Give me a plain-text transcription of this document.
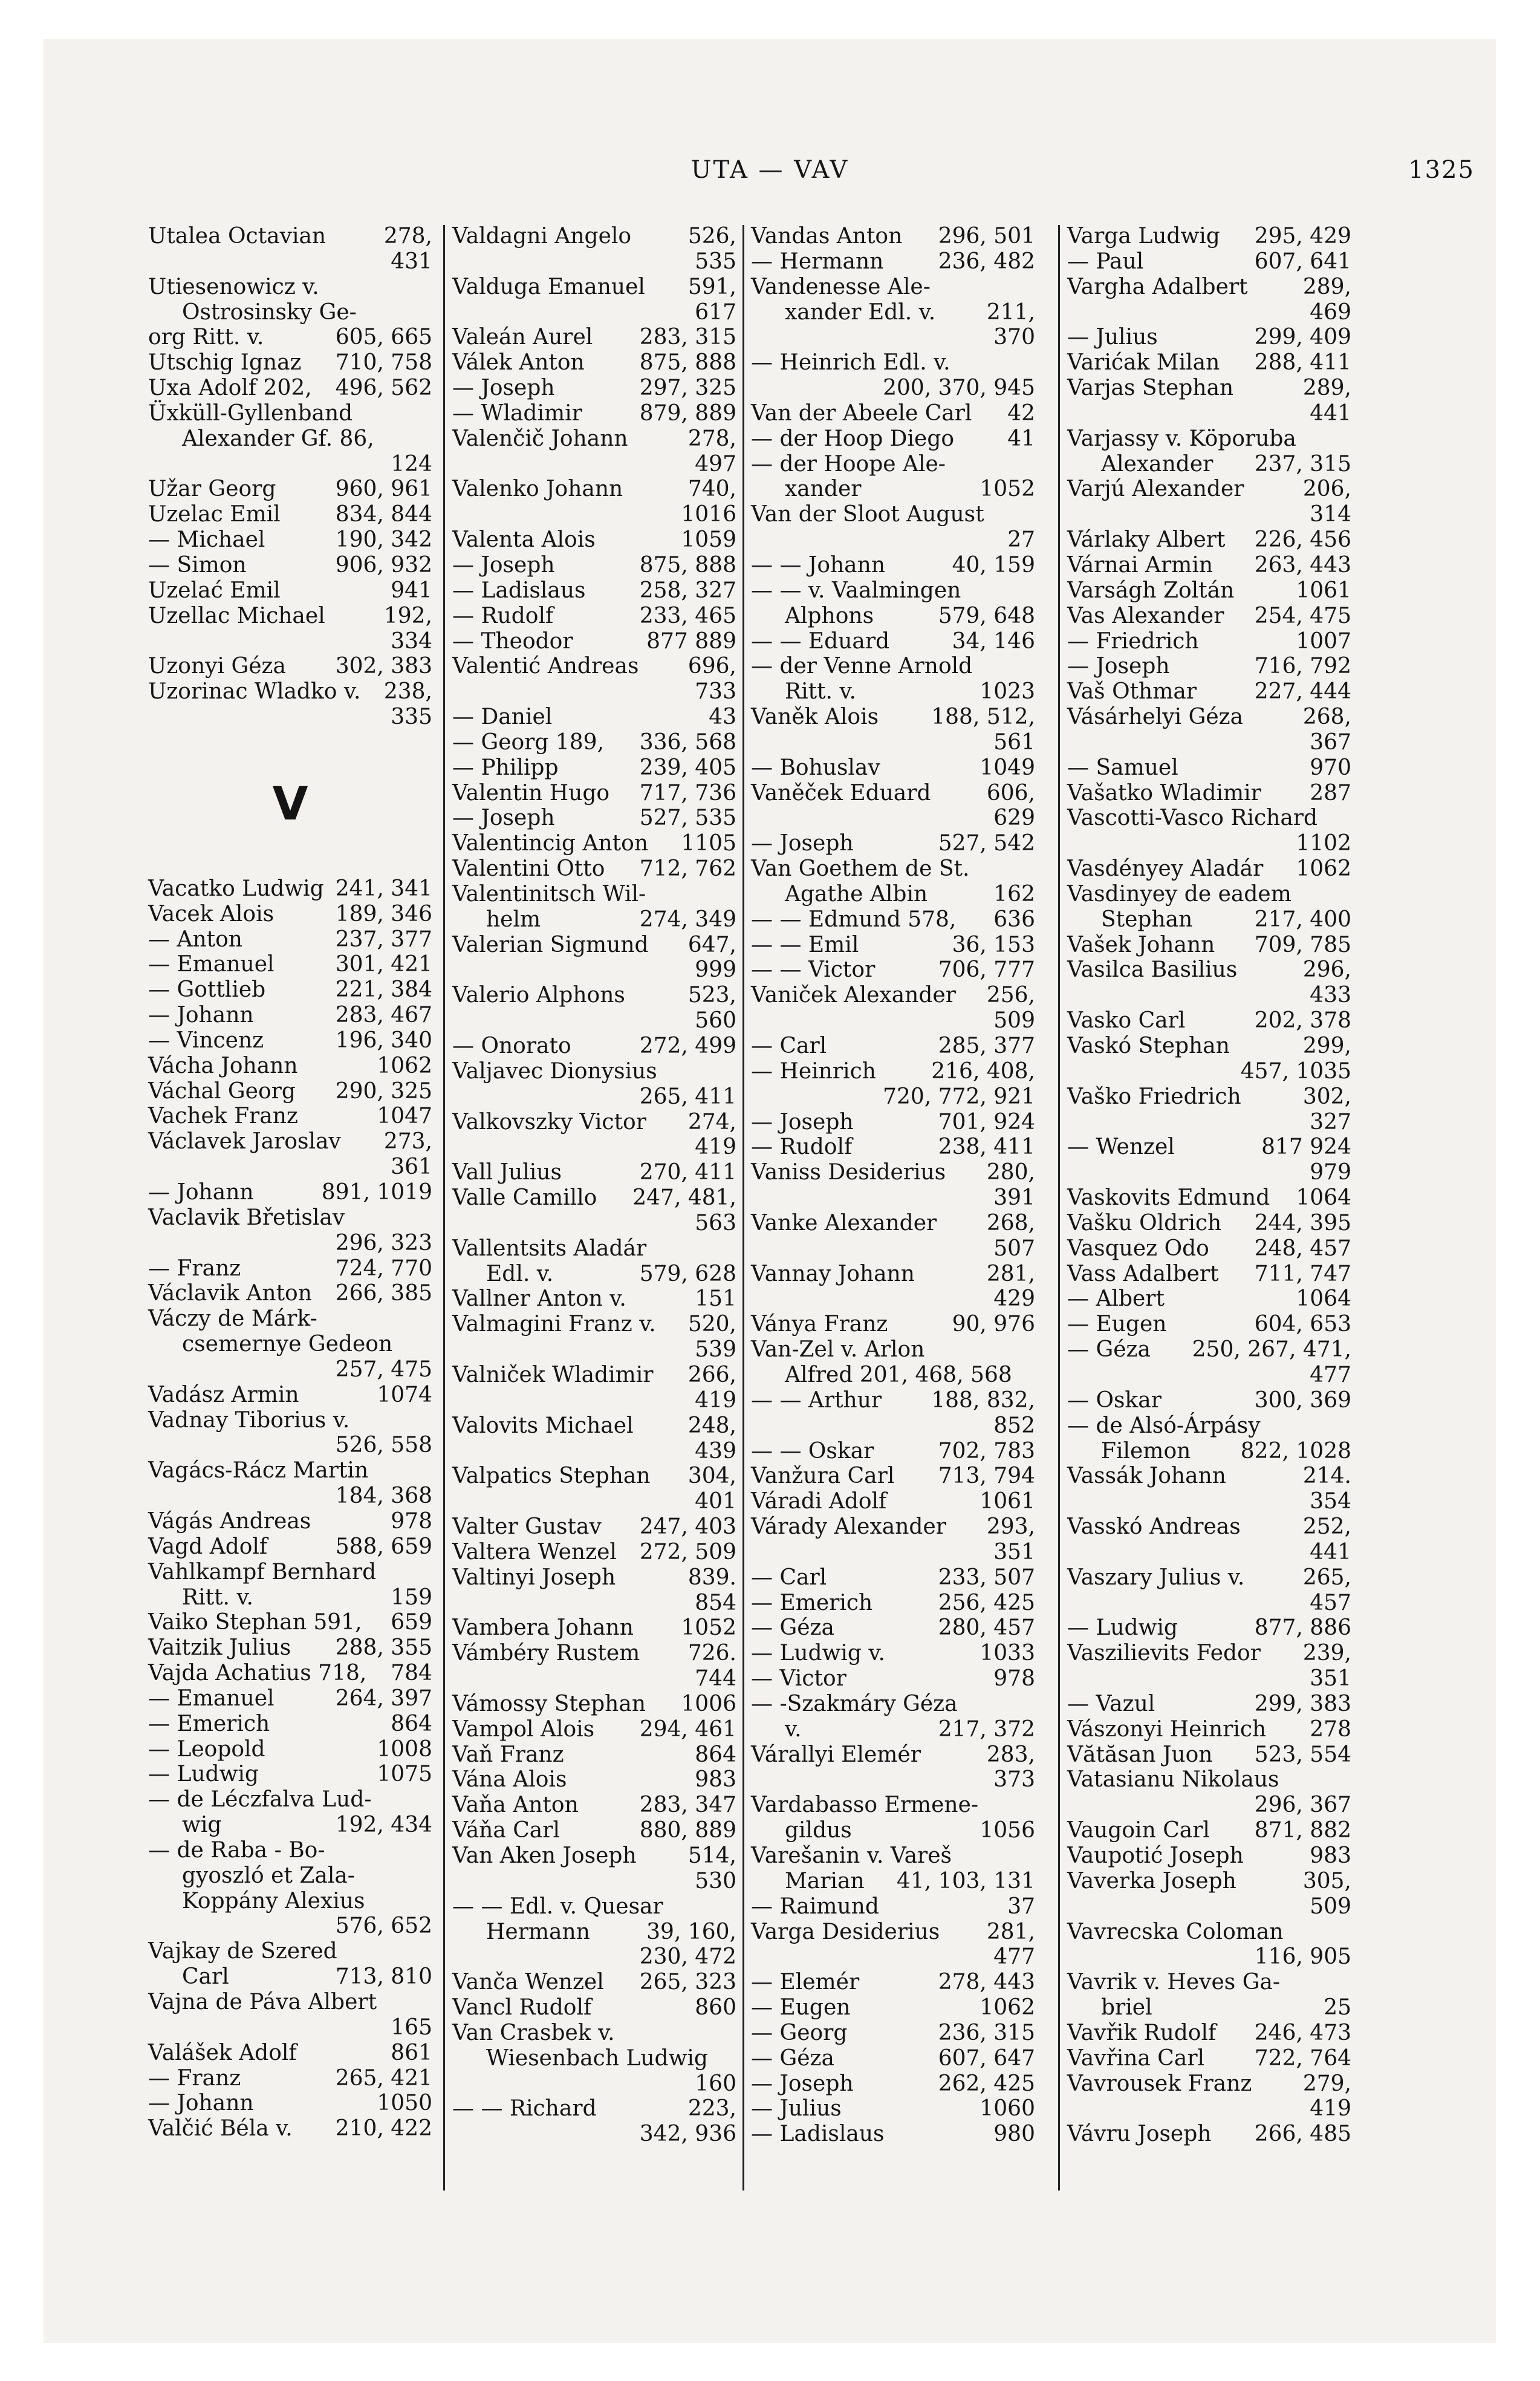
UTA — VAV	1325
Utalea Octavian	278,
431
Utiesenowicz v.
Ostrosinsky Ge-
org Ritt. v.	605, 665
Utschig Ignaz	710, 758
Uxa Adolf 202,	496, 562
Üxküll-Gyllenband
Alexander Gf. 86,
124
Užar Georg	960, 961
Uzelac Emil	834, 844
— Michael	190, 342
— Simon	906, 932
Uzelać Emil	941
Uzellac Michael	192,
334
Uzonyi Géza	302, 383
Uzorinac Wladko v.	238,
335
V
Vacatko Ludwig 241, 341
Vacek Alois	189, 346
— Anton	237, 377
— Emanuel	301, 421
— Gottlieb	221, 384
— Johann	283, 467
— Vincenz	196, 340
Vácha Johann	1062
Váchal Georg	290, 325
Vachek Franz	1047
Václavek Jaroslav	273,
361
— Johann	891, 1019
Vaclavik Břetislav
296, 323
— Franz	724, 770
Václavik Anton	266, 385
Váczy de Márk-
csemernye Gedeon
257, 475
Vadász Armin	1074
Vadnay Tiborius v.
526, 558
Vagács-Rácz Martin
184, 368
Vágás Andreas	978
Vagd Adolf	588, 659
Vahlkampf Bernhard
Ritt. v.	159
Vaiko Stephan 591,	659
Vaitzik Julius	288, 355
Vajda Achatius 718,	784
— Emanuel	264, 397
— Emerich	864
— Leopold	1008
— Ludwig	1075
— de Léczfalva Lud-
wig	192, 434
— de Raba - Bo-
gyoszló et Zala-
Koppány Alexius
576, 652
Vajkay de Szered
Carl	713, 810
Vajna de Páva Albert
165
Valášek Adolf	861
— Franz	265, 421
— Johann	1050
Valčić Béla v.	210, 422
Valdagni Angelo	526,
535
Valduga Emanuel	591,
617
Valeán Aurel	283, 315
Válek Anton	875, 888
— Joseph	297, 325
— Wladimir	879, 889
Valenčič Johann	278,
497
Valenko Johann	740,
1016
Valenta Alois	1059
— Joseph	875, 888
— Ladislaus	258, 327
— Rudolf	233, 465
— Theodor	877 889
Valentić Andreas	696,
733
— Daniel	43
— Georg 189,	336, 568
— Philipp	239, 405
Valentin Hugo	717, 736
— Joseph	527, 535
Valentincig Anton	1105
Valentini Otto	712, 762
Valentinitsch Wil-
helm	274, 349
Valerian Sigmund	647,
999
Valerio Alphons	523,
560
— Onorato	272, 499
Valjavec Dionysius
265, 411
Valkovszky Victor	274,
419
Vall Julius	270, 411
Valle Camillo	247, 481,
563
Vallentsits Aladár
Edl. v.	579, 628
Vallner Anton v.	151
Valmagini Franz v.	520,
539
Valniček Wladimir	266,
419
Valovits Michael	248,
439
Valpatics Stephan	304,
401
Valter Gustav	247, 403
Valtera Wenzel	272, 509
Valtinyi Joseph	839.
854
Vambera Johann	1052
Vámbéry Rustem	726.
744
Vámossy Stephan	1006
Vampol Alois	294, 461
Vaň Franz	864
Vána Alois	983
Vaňa Anton	283, 347
Váňa Carl	880, 889
Van Aken Joseph	514,
530
— — Edl. v. Quesar
Hermann	39, 160,
230, 472
Vanča Wenzel	265, 323
Vancl Rudolf	860
Van Crasbek v.
Wiesenbach Ludwig
160
— — Richard	223,
342, 936
Vandas Anton	296, 501
— Hermann	236, 482
Vandenesse Ale-
xander Edl. v.	211,
370
— Heinrich Edl. v.
200, 370, 945
Van der Abeele Carl	42
— der Hoop Diego	41
— der Hoope Ale-
xander	1052
Van der Sloot August
27
— — Johann	40, 159
— — v. Vaalmingen
Alphons	579, 648
— — Eduard	34, 146
— der Venne Arnold
Ritt. v.	1023
Vaněk Alois	188, 512,
561
— Bohuslav	1049
Vaněček Eduard	606,
629
— Joseph	527, 542
Van Goethem de St.
Agathe Albin	162
— — Edmund 578,	636
— — Emil	36, 153
— — Victor	706, 777
Vaniček Alexander	256,
509
— Carl	285, 377
— Heinrich	216, 408,
720, 772, 921
— Joseph	701, 924
— Rudolf	238, 411
Vaniss Desiderius	280,
391
Vanke Alexander	268,
507
Vannay Johann	281,
429
Ványa Franz	90, 976
Van-Zel v. Arlon
Alfred 201, 468, 568
— — Arthur	188, 832,
852
— — Oskar	702, 783
Vanžura Carl	713, 794
Váradi Adolf	1061
Várady Alexander	293,
351
— Carl	233, 507
— Emerich	256, 425
— Géza	280, 457
— Ludwig v.	1033
— Victor	978
— -Szakmáry Géza
v.	217, 372
Várallyi Elemér	283,
373
Vardabasso Ermene-
gildus	1056
Varešanin v. Vareš
Marian	41, 103, 131
— Raimund	37
Varga Desiderius	281,
477
— Elemér	278, 443
— Eugen	1062
— Georg	236, 315
— Géza	607, 647
— Joseph	262, 425
— Julius	1060
— Ladislaus	980
Varga Ludwig	295, 429
— Paul	607, 641
Vargha Adalbert	289,
469
— Julius	299, 409
Varićak Milan	288, 411
Varjas Stephan	289,
441
Varjassy v. Köporuba
Alexander	237, 315
Varjú Alexander	206,
314
Várlaky Albert	226, 456
Várnai Armin	263, 443
Varságh Zoltán	1061
Vas Alexander	254, 475
— Friedrich	1007
— Joseph	716, 792
Vaš Othmar	227, 444
Vásárhelyi Géza	268,
367
— Samuel	970
Vašatko Wladimir	287
Vascotti-Vasco Richard
1102
Vasdényey Aladár	1062
Vasdinyey de eadem
Stephan	217, 400
Vašek Johann	709, 785
Vasilca Basilius	296,
433
Vasko Carl	202, 378
Vaskó Stephan	299,
457, 1035
Vaško Friedrich	302,
327
— Wenzel	817 924
979
Vaskovits Edmund	1064
Vašku Oldrich	244, 395
Vasquez Odo	248, 457
Vass Adalbert	711, 747
— Albert	1064
— Eugen	604, 653
— Géza	250, 267, 471,
477
— Oskar	300, 369
— de Alsó-Árpásy
Filemon	822, 1028
Vassák Johann	214.
354
Vasskó Andreas	252,
441
Vaszary Julius v.	265,
457
— Ludwig	877, 886
Vaszilievits Fedor	239,
351
— Vazul	299, 383
Vászonyi Heinrich	278
Vătăsan Juon	523, 554
Vatasianu Nikolaus
296, 367
Vaugoin Carl	871, 882
Vaupotić Joseph	983
Vaverka Joseph	305,
509
Vavrecska Coloman
116, 905
Vavrik v. Heves Ga-
briel	25
Vavřik Rudolf	246, 473
Vavřina Carl	722, 764
Vavrousek Franz	279,
419
Vávru Joseph	266, 485
